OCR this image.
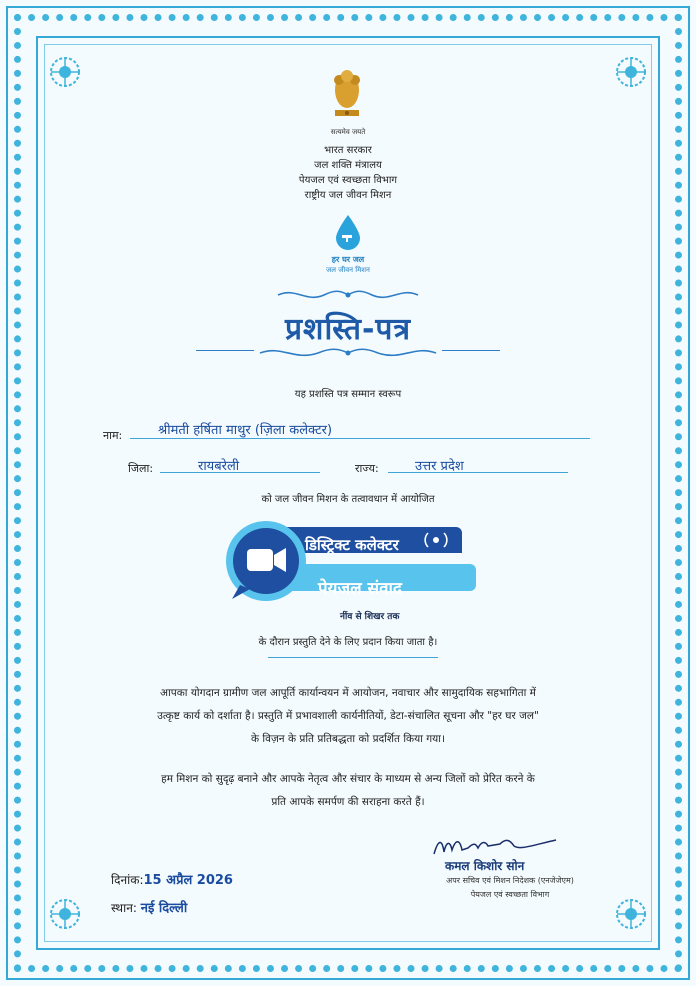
सत्यमेव जयते
भारत सरकार
जल शक्ति मंत्रालय
पेयजल एवं स्वच्छता विभाग
राष्ट्रीय जल जीवन मिशन
हर घर जल
जल जीवन मिशन
प्रशस्ति-पत्र
यह प्रशस्ति पत्र सम्मान स्वरूप
नाम:	श्रीमती हर्षिता माथुर (ज़िला कलेक्टर)
जिला:	रायबरेली	राज्य:	उत्तर प्रदेश
को जल जीवन मिशन के तत्वावधान में आयोजित
डिस्ट्रिक्ट कलेक्टर
पेयजल संवाद
नींव से शिखर तक
के दौरान प्रस्तुति देने के लिए प्रदान किया जाता है।
आपका योगदान ग्रामीण जल आपूर्ति कार्यान्वयन में आयोजन, नवाचार और सामुदायिक सहभागिता में
उत्कृष्ट कार्य को दर्शाता है। प्रस्तुति में प्रभावशाली कार्यनीतियों, डेटा-संचालित सूचना और "हर घर जल"
के विज़न के प्रति प्रतिबद्धता को प्रदर्शित किया गया।
हम मिशन को सुदृढ़ बनाने और आपके नेतृत्व और संचार के माध्यम से अन्य जिलों को प्रेरित करने के
प्रति आपके समर्पण की सराहना करते हैं।
दिनांक:15 अप्रैल 2026
स्थान: नई दिल्ली
कमल किशोर सोन
अपर सचिव एवं मिशन निदेशक (एनजेजेएम)
पेयजल एवं स्वच्छता विभाग
